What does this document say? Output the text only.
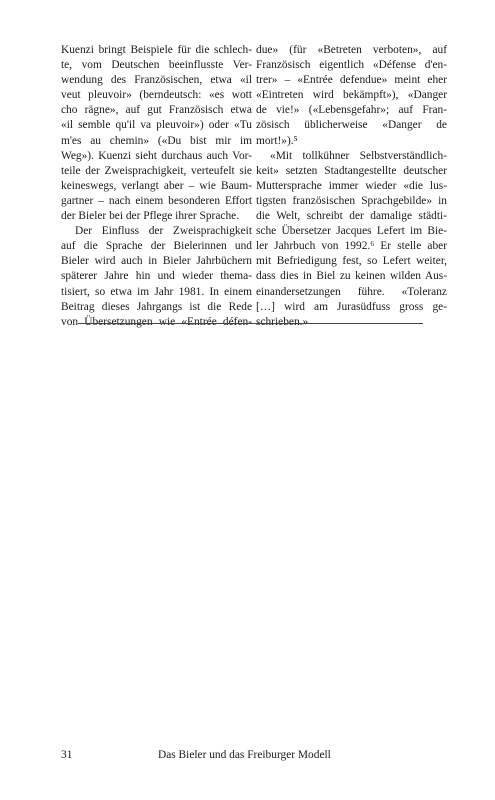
Kuenzi bringt Beispiele für die schlech-
te, vom Deutschen beeinflusste Ver-
wendung des Französischen, etwa «il
veut pleuvoir» (berndeutsch: «es wott
cho rägne», auf gut Französisch etwa
«il semble qu'il va pleuvoir») oder «Tu
m'es au chemin» («Du bist mir im
Weg»). Kuenzi sieht durchaus auch Vor-
teile der Zweisprachigkeit, verteufelt sie
keineswegs, verlangt aber – wie Baum-
gartner – nach einem besonderen Effort
der Bieler bei der Pflege ihrer Sprache.
Der Einfluss der Zweisprachigkeit
auf die Sprache der Bielerinnen und
Bieler wird auch in Bieler Jahrbüchern
späterer Jahre hin und wieder thema-
tisiert, so etwa im Jahr 1981. In einem
Beitrag dieses Jahrgangs ist die Rede
von Übersetzungen wie «Entrée défen-
due» (für «Betreten verboten», auf
Französisch eigentlich «Défense d'en-
trer» – «Entrée defendue» meint eher
«Eintreten wird bekämpft»), «Danger
de vie!» («Lebensgefahr»; auf Fran-
zösisch üblicherweise «Danger de
mort!»).⁵
«Mit tollkühner Selbstverständlich-
keit» setzten Stadtangestellte deutscher
Muttersprache immer wieder «die lus-
tigsten französischen Sprachgebilde» in
die Welt, schreibt der damalige städti-
sche Übersetzer Jacques Lefert im Bie-
ler Jahrbuch von 1992.⁶ Er stelle aber
mit Befriedigung fest, so Lefert weiter,
dass dies in Biel zu keinen wilden Aus-
einandersetzungen führe. «Toleranz
[…] wird am Jurasüdfuss gross ge-
schrieben.»
31	Das Bieler und das Freiburger Modell
